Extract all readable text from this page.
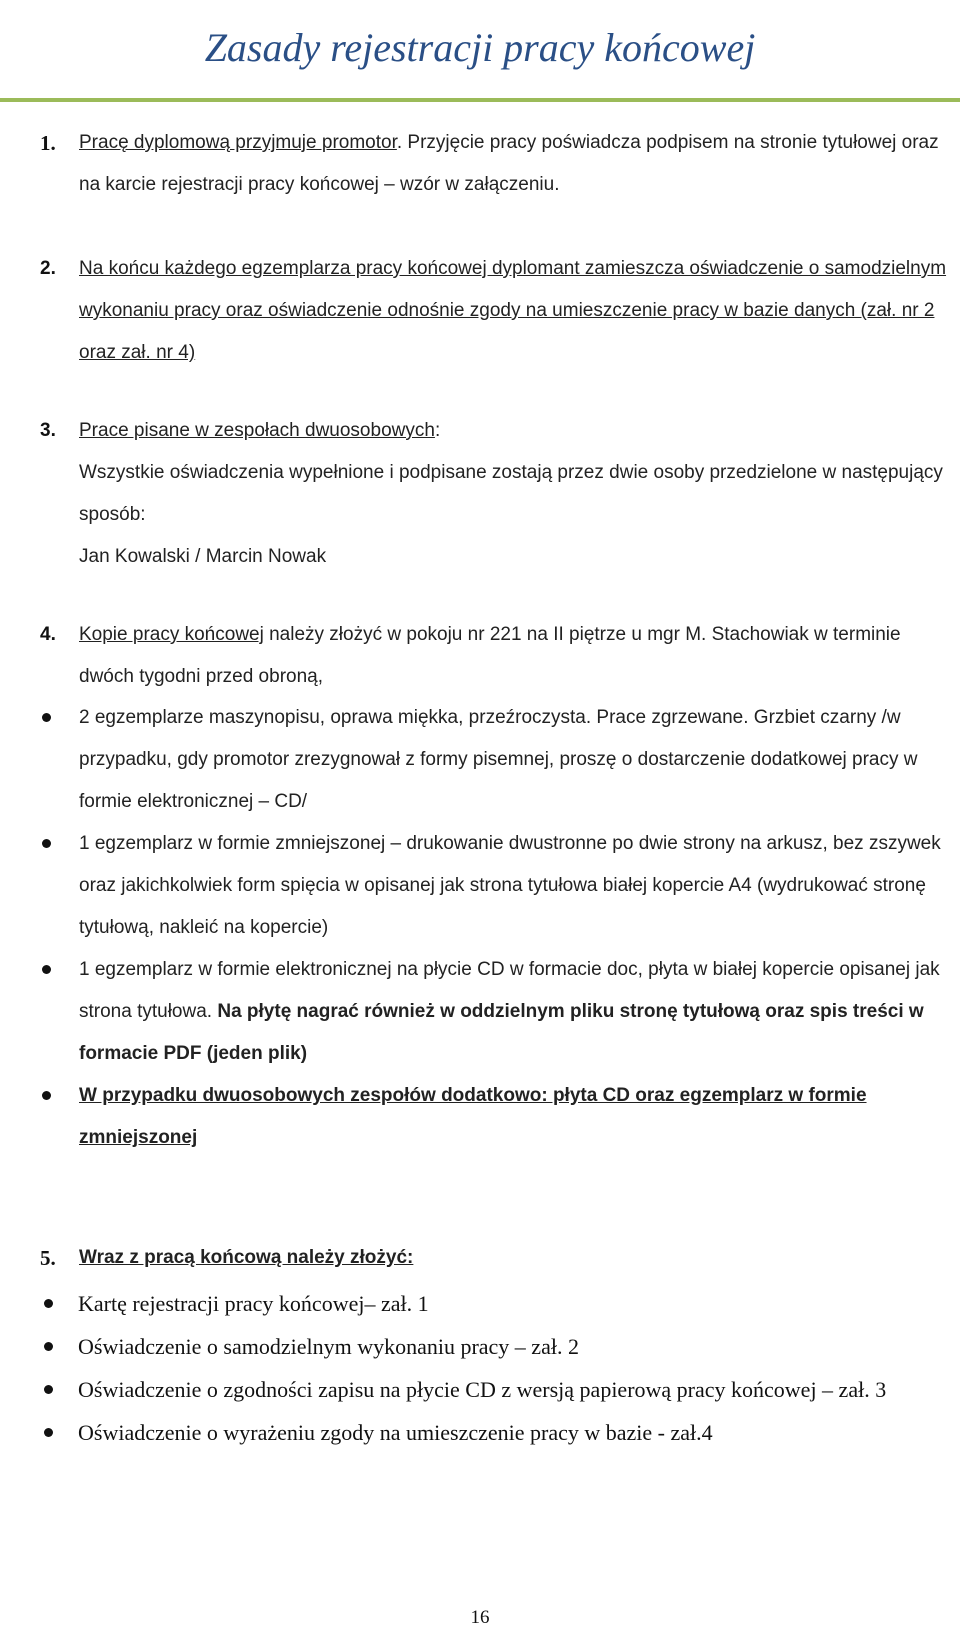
Zasady rejestracji pracy końcowej
1. Pracę dyplomową przyjmuje promotor. Przyjęcie pracy poświadcza podpisem na stronie tytułowej oraz na karcie rejestracji pracy końcowej – wzór w załączeniu.
2. Na końcu każdego egzemplarza pracy końcowej dyplomant zamieszcza oświadczenie o samodzielnym wykonaniu pracy oraz oświadczenie odnośnie zgody na umieszczenie pracy w bazie danych (zał. nr 2 oraz zał. nr 4)
3. Prace pisane w zespołach dwuosobowych:
Wszystkie oświadczenia wypełnione i podpisane zostają przez dwie osoby przedzielone w następujący sposób:
Jan Kowalski / Marcin Nowak
4. Kopie pracy końcowej należy złożyć w pokoju nr 221 na II piętrze u mgr M. Stachowiak w terminie dwóch tygodni przed obroną,
2 egzemplarze maszynopisu, oprawa miękka, przeźroczysta. Prace zgrzewane. Grzbiet czarny /w przypadku, gdy promotor zrezygnował z formy pisemnej, proszę o dostarczenie dodatkowej pracy w formie elektronicznej – CD/
1 egzemplarz w formie zmniejszonej – drukowanie dwustronne po dwie strony na arkusz, bez zszywek oraz jakichkolwiek form spięcia w opisanej jak strona tytułowa białej kopercie A4 (wydrukować stronę tytułową, nakleić na kopercie)
1 egzemplarz w formie elektronicznej na płycie CD w formacie doc, płyta w białej kopercie opisanej jak strona tytułowa. Na płytę nagrać również w oddzielnym pliku stronę tytułową oraz spis treści w formacie PDF (jeden plik)
W przypadku dwuosobowych zespołów dodatkowo: płyta CD oraz egzemplarz w formie zmniejszonej
5. Wraz z pracą końcową należy złożyć:
Kartę rejestracji pracy końcowej– zał. 1
Oświadczenie o samodzielnym wykonaniu pracy – zał. 2
Oświadczenie o zgodności zapisu na płycie CD z wersją papierową pracy końcowej – zał. 3
Oświadczenie o wyrażeniu zgody na umieszczenie pracy w bazie - zał.4
16
